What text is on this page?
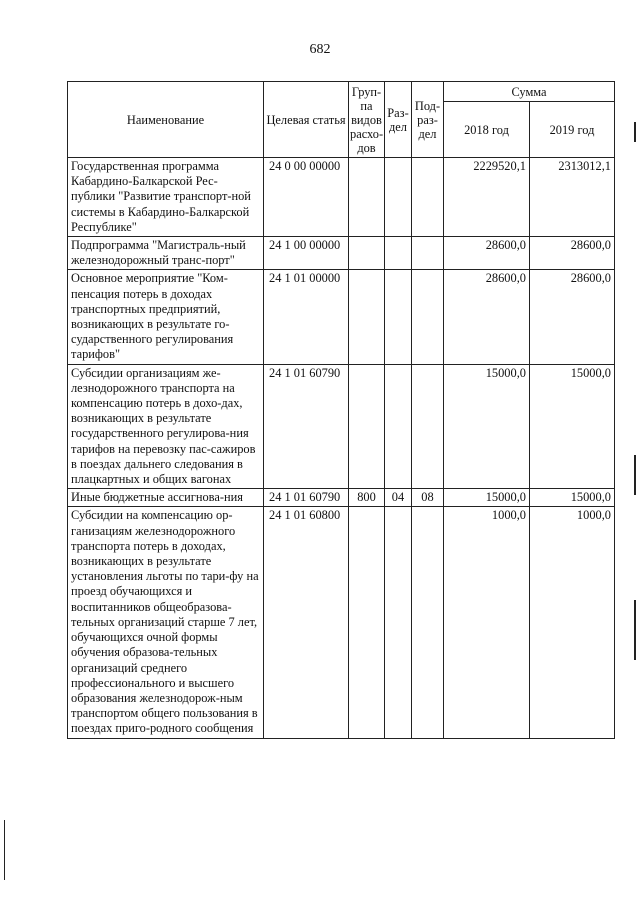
682
Наименование	Целевая статья	Груп-па видов расхо-дов	Раз-дел	Под-раз-дел	Сумма	
					2018 год	2019 год
Государственная программа Кабардино-Балкарской Рес-публики "Развитие транспорт-ной системы в Кабардино-Балкарской Республике"	24 0 00 00000				2229520,1	2313012,1
Подпрограмма "Магистраль-ный железнодорожный транс-порт"	24 1 00 00000				28600,0	28600,0
Основное мероприятие "Ком-пенсация потерь в доходах транспортных предприятий, возникающих в результате го-сударственного регулирования тарифов"	24 1 01 00000				28600,0	28600,0
Субсидии организациям же-лезнодорожного транспорта на компенсацию потерь в дохо-дах, возникающих в результате государственного регулирова-ния тарифов на перевозку пас-сажиров в поездах дальнего следования в плацкартных и общих вагонах	24 1 01 60790				15000,0	15000,0
Иные бюджетные ассигнова-ния	24 1 01 60790	800	04	08	15000,0	15000,0
Субсидии на компенсацию ор-ганизациям железнодорожного транспорта потерь в доходах, возникающих в результате установления льготы по тари-фу на проезд обучающихся и воспитанников общеобразова-тельных организаций старше 7 лет, обучающихся очной формы обучения образова-тельных организаций среднего профессионального и высшего образования железнодорож-ным транспортом общего пользования в поездах приго-родного сообщения	24 1 01 60800				1000,0	1000,0
